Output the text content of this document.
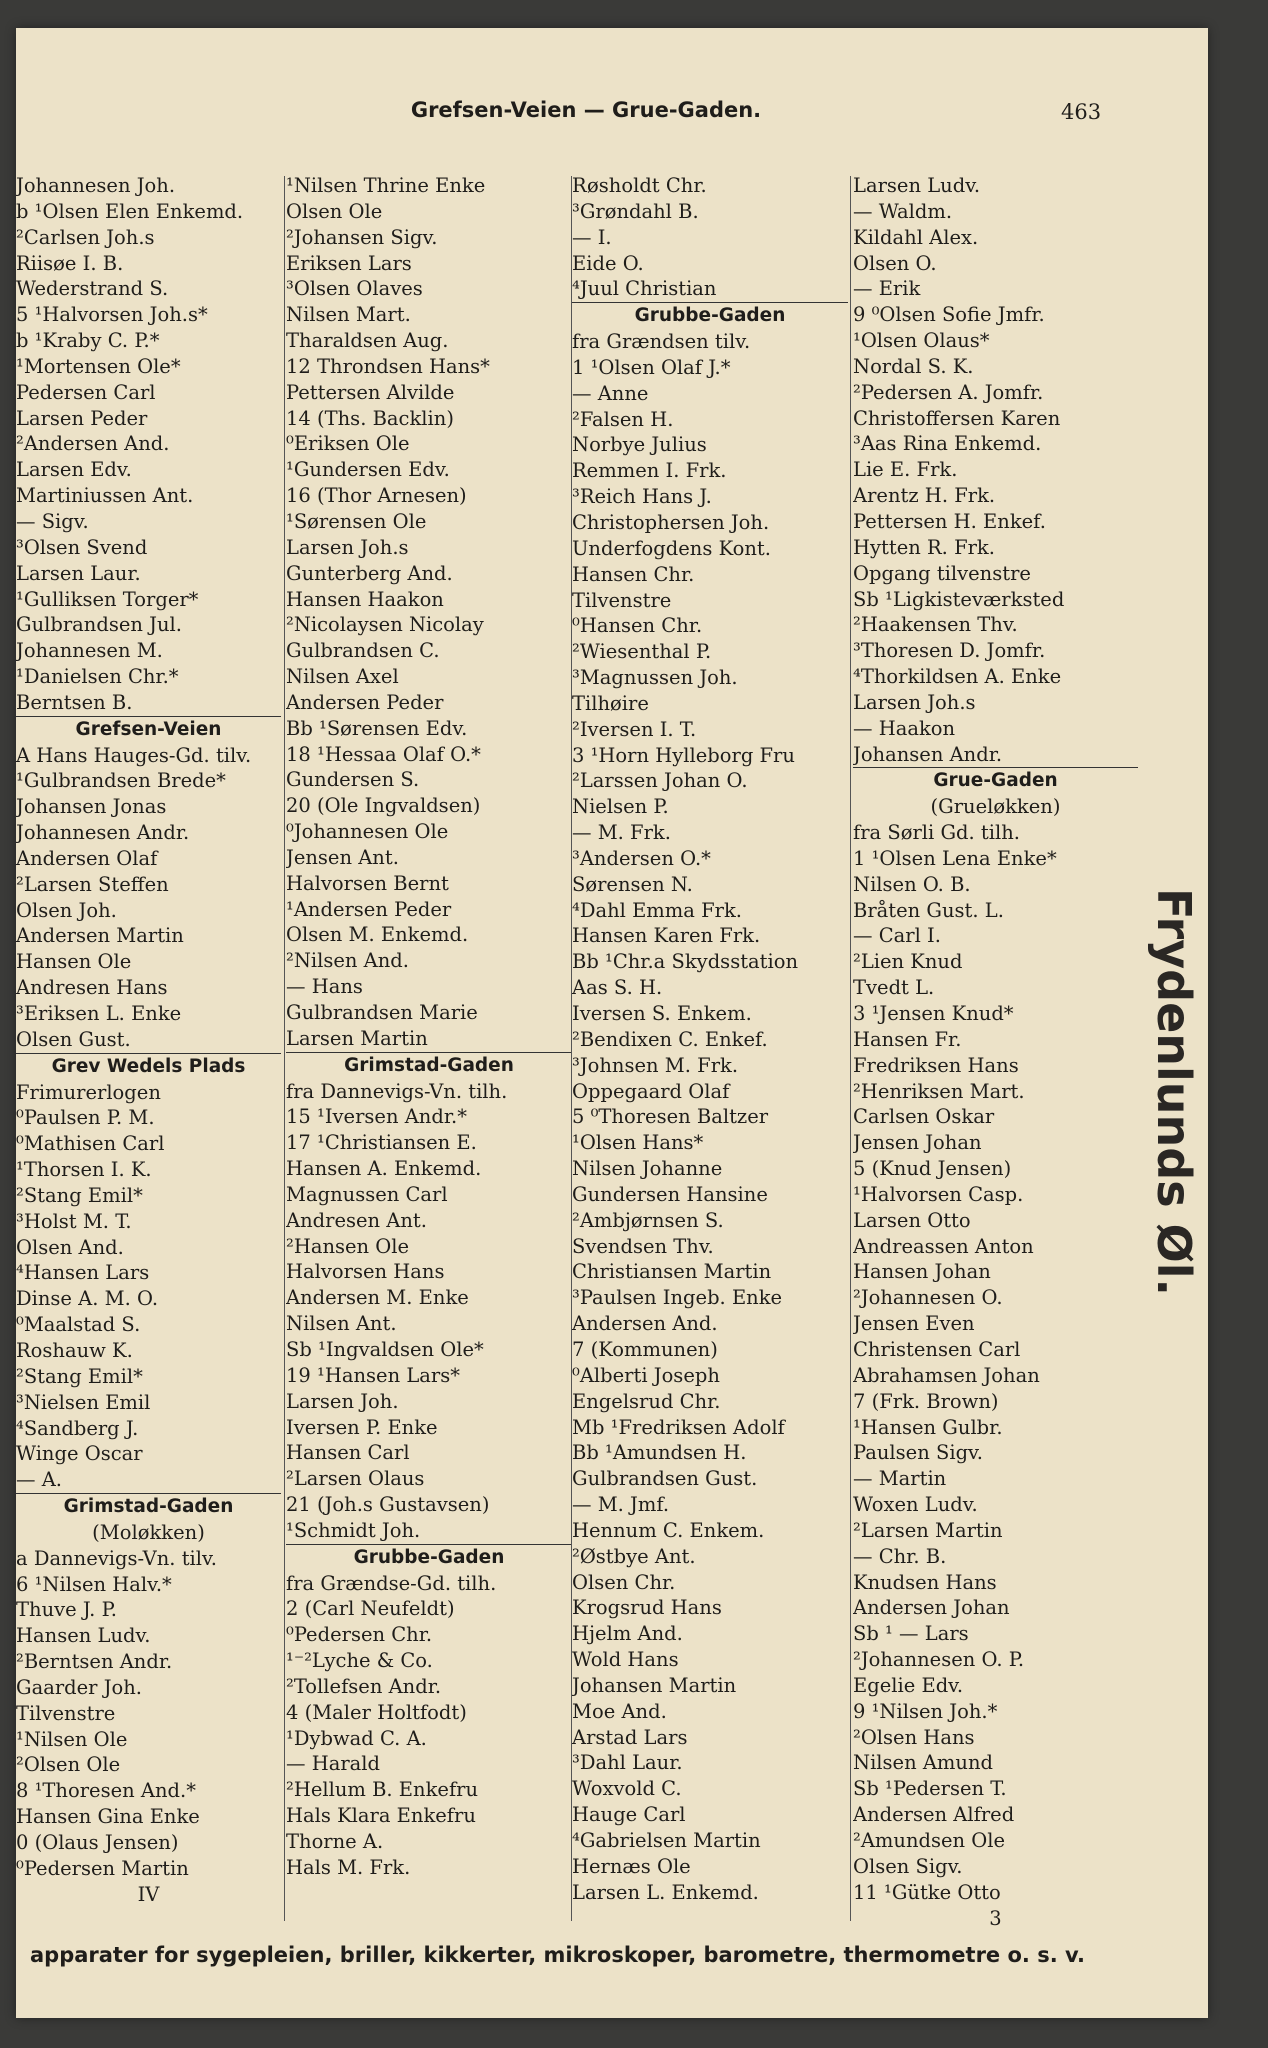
Grefsen-Veien — Grue-Gaden.	463
Johannesen Joh.
b ¹Olsen Elen Enkemd.
²Carlsen Joh.s
Riisøe I. B.
Wederstrand S.
5 ¹Halvorsen Joh.s*
b ¹Kraby C. P.*
¹Mortensen Ole*
Pedersen Carl
Larsen Peder
²Andersen And.
Larsen Edv.
Martiniussen Ant.
— Sigv.
³Olsen Svend
Larsen Laur.
¹Gulliksen Torger*
Gulbrandsen Jul.
Johannesen M.
¹Danielsen Chr.*
Berntsen B.
Grefsen-Veien
A Hans Hauges-Gd. tilv.
¹Gulbrandsen Brede*
Johansen Jonas
Johannesen Andr.
Andersen Olaf
²Larsen Steffen
Olsen Joh.
Andersen Martin
Hansen Ole
Andresen Hans
³Eriksen L. Enke
Olsen Gust.
Grev Wedels Plads
Frimurerlogen
⁰Paulsen P. M.
⁰Mathisen Carl
¹Thorsen I. K.
²Stang Emil*
³Holst M. T.
Olsen And.
⁴Hansen Lars
Dinse A. M. O.
⁰Maalstad S.
Roshauw K.
²Stang Emil*
³Nielsen Emil
⁴Sandberg J.
Winge Oscar
— A.
Grimstad-Gaden
(Moløkken)
a Dannevigs-Vn. tilv.
6 ¹Nilsen Halv.*
Thuve J. P.
Hansen Ludv.
²Berntsen Andr.
Gaarder Joh.
Tilvenstre
¹Nilsen Ole
²Olsen Ole
8 ¹Thoresen And.*
Hansen Gina Enke
0 (Olaus Jensen)
⁰Pedersen Martin
IV
¹Nilsen Thrine Enke
Olsen Ole
²Johansen Sigv.
Eriksen Lars
³Olsen Olaves
Nilsen Mart.
Tharaldsen Aug.
12 Throndsen Hans*
Pettersen Alvilde
14 (Ths. Backlin)
⁰Eriksen Ole
¹Gundersen Edv.
16 (Thor Arnesen)
¹Sørensen Ole
Larsen Joh.s
Gunterberg And.
Hansen Haakon
²Nicolaysen Nicolay
Gulbrandsen C.
Nilsen Axel
Andersen Peder
Bb ¹Sørensen Edv.
18 ¹Hessaa Olaf O.*
Gundersen S.
20 (Ole Ingvaldsen)
⁰Johannesen Ole
Jensen Ant.
Halvorsen Bernt
¹Andersen Peder
Olsen M. Enkemd.
²Nilsen And.
— Hans
Gulbrandsen Marie
Larsen Martin
Grimstad-Gaden
fra Dannevigs-Vn. tilh.
15 ¹Iversen Andr.*
17 ¹Christiansen E.
Hansen A. Enkemd.
Magnussen Carl
Andresen Ant.
²Hansen Ole
Halvorsen Hans
Andersen M. Enke
Nilsen Ant.
Sb ¹Ingvaldsen Ole*
19 ¹Hansen Lars*
Larsen Joh.
Iversen P. Enke
Hansen Carl
²Larsen Olaus
21 (Joh.s Gustavsen)
¹Schmidt Joh.
Grubbe-Gaden
fra Grændse-Gd. tilh.
2 (Carl Neufeldt)
⁰Pedersen Chr.
¹⁻²Lyche & Co.
²Tollefsen Andr.
4 (Maler Holtfodt)
¹Dybwad C. A.
— Harald
²Hellum B. Enkefru
Hals Klara Enkefru
Thorne A.
Hals M. Frk.
Røsholdt Chr.
³Grøndahl B.
— I.
Eide O.
⁴Juul Christian
Grubbe-Gaden
fra Grændsen tilv.
1 ¹Olsen Olaf J.*
— Anne
²Falsen H.
Norbye Julius
Remmen I. Frk.
³Reich Hans J.
Christophersen Joh.
Underfogdens Kont.
Hansen Chr.
Tilvenstre
⁰Hansen Chr.
²Wiesenthal P.
³Magnussen Joh.
Tilhøire
²Iversen I. T.
3 ¹Horn Hylleborg Fru
²Larssen Johan O.
Nielsen P.
— M. Frk.
³Andersen O.*
Sørensen N.
⁴Dahl Emma Frk.
Hansen Karen Frk.
Bb ¹Chr.a Skydsstation
Aas S. H.
Iversen S. Enkem.
²Bendixen C. Enkef.
³Johnsen M. Frk.
Oppegaard Olaf
5 ⁰Thoresen Baltzer
¹Olsen Hans*
Nilsen Johanne
Gundersen Hansine
²Ambjørnsen S.
Svendsen Thv.
Christiansen Martin
³Paulsen Ingeb. Enke
Andersen And.
7 (Kommunen)
⁰Alberti Joseph
Engelsrud Chr.
Mb ¹Fredriksen Adolf
Bb ¹Amundsen H.
Gulbrandsen Gust.
— M. Jmf.
Hennum C. Enkem.
²Østbye Ant.
Olsen Chr.
Krogsrud Hans
Hjelm And.
Wold Hans
Johansen Martin
Moe And.
Arstad Lars
³Dahl Laur.
Woxvold C.
Hauge Carl
⁴Gabrielsen Martin
Hernæs Ole
Larsen L. Enkemd.
Larsen Ludv.
— Waldm.
Kildahl Alex.
Olsen O.
— Erik
9 ⁰Olsen Sofie Jmfr.
¹Olsen Olaus*
Nordal S. K.
²Pedersen A. Jomfr.
Christoffersen Karen
³Aas Rina Enkemd.
Lie E. Frk.
Arentz H. Frk.
Pettersen H. Enkef.
Hytten R. Frk.
Opgang tilvenstre
Sb ¹Ligkisteværksted
²Haakensen Thv.
³Thoresen D. Jomfr.
⁴Thorkildsen A. Enke
Larsen Joh.s
— Haakon
Johansen Andr.
Grue-Gaden
(Grueløkken)
fra Sørli Gd. tilh.
1 ¹Olsen Lena Enke*
Nilsen O. B.
Bråten Gust. L.
— Carl I.
²Lien Knud
Tvedt L.
3 ¹Jensen Knud*
Hansen Fr.
Fredriksen Hans
²Henriksen Mart.
Carlsen Oskar
Jensen Johan
5 (Knud Jensen)
¹Halvorsen Casp.
Larsen Otto
Andreassen Anton
Hansen Johan
²Johannesen O.
Jensen Even
Christensen Carl
Abrahamsen Johan
7 (Frk. Brown)
¹Hansen Gulbr.
Paulsen Sigv.
— Martin
Woxen Ludv.
²Larsen Martin
— Chr. B.
Knudsen Hans
Andersen Johan
Sb ¹ — Lars
²Johannesen O. P.
Egelie Edv.
9 ¹Nilsen Joh.*
²Olsen Hans
Nilsen Amund
Sb ¹Pedersen T.
Andersen Alfred
²Amundsen Ole
Olsen Sigv.
11 ¹Gütke Otto
3
Frydenlunds Øl.
apparater for sygepleien, briller, kikkerter, mikroskoper, barometre, thermometre o. s. v.
